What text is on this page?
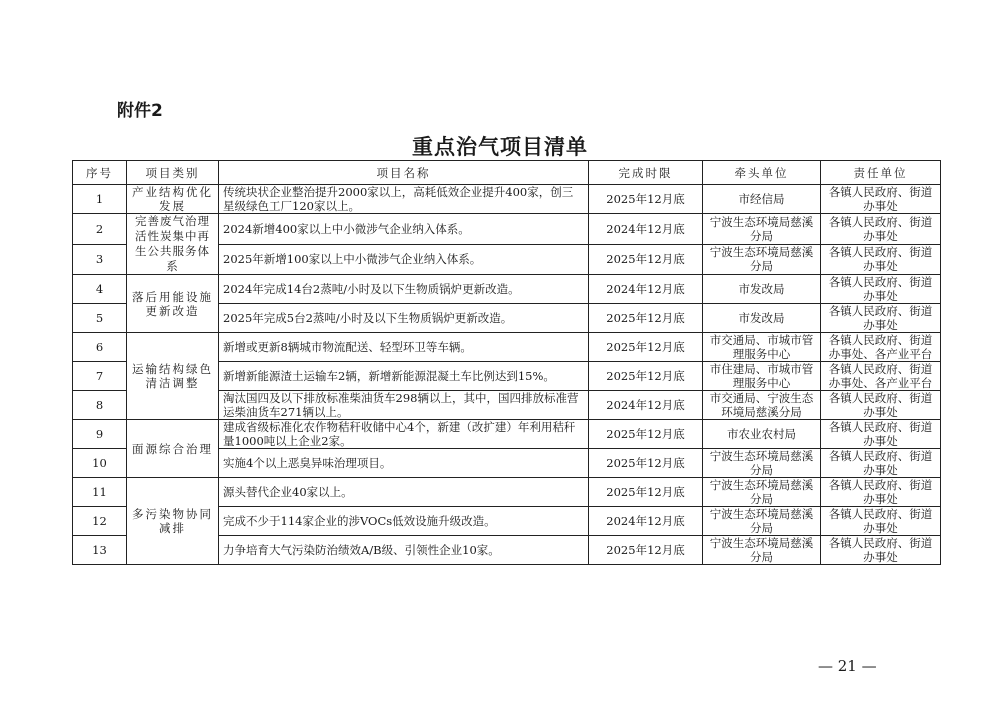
附件2
重点治气项目清单
序号	项目类别	项目名称	完成时限	牵头单位	责任单位
1	产业结构优化发展	传统块状企业整治提升2000家以上，高耗低效企业提升400家，创三星级绿色工厂120家以上。	2025年12月底	市经信局	各镇人民政府、街道办事处
2	完善废气治理活性炭集中再生公共服务体系	2024新增400家以上中小微涉气企业纳入体系。	2024年12月底	宁波生态环境局慈溪分局	各镇人民政府、街道办事处
3		2025年新增100家以上中小微涉气企业纳入体系。	2025年12月底	宁波生态环境局慈溪分局	各镇人民政府、街道办事处
4	落后用能设施更新改造	2024年完成14台2蒸吨/小时及以下生物质锅炉更新改造。	2024年12月底	市发改局	各镇人民政府、街道办事处
5		2025年完成5台2蒸吨/小时及以下生物质锅炉更新改造。	2025年12月底	市发改局	各镇人民政府、街道办事处
6	运输结构绿色清洁调整	新增或更新8辆城市物流配送、轻型环卫等车辆。	2025年12月底	市交通局、市城市管理服务中心	各镇人民政府、街道办事处、各产业平台
7		新增新能源渣土运输车2辆，新增新能源混凝土车比例达到15%。	2025年12月底	市住建局、市城市管理服务中心	各镇人民政府、街道办事处、各产业平台
8		淘汰国四及以下排放标准柴油货车298辆以上，其中，国四排放标准营运柴油货车271辆以上。	2024年12月底	市交通局、宁波生态环境局慈溪分局	各镇人民政府、街道办事处
9	面源综合治理	建成省级标准化农作物秸秆收储中心4个，新建（改扩建）年利用秸秆量1000吨以上企业2家。	2025年12月底	市农业农村局	各镇人民政府、街道办事处
10		实施4个以上恶臭异味治理项目。	2025年12月底	宁波生态环境局慈溪分局	各镇人民政府、街道办事处
11	多污染物协同减排	源头替代企业40家以上。	2025年12月底	宁波生态环境局慈溪分局	各镇人民政府、街道办事处
12		完成不少于114家企业的涉VOCs低效设施升级改造。	2024年12月底	宁波生态环境局慈溪分局	各镇人民政府、街道办事处
13		力争培育大气污染防治绩效A/B级、引领性企业10家。	2025年12月底	宁波生态环境局慈溪分局	各镇人民政府、街道办事处
— 21 —
